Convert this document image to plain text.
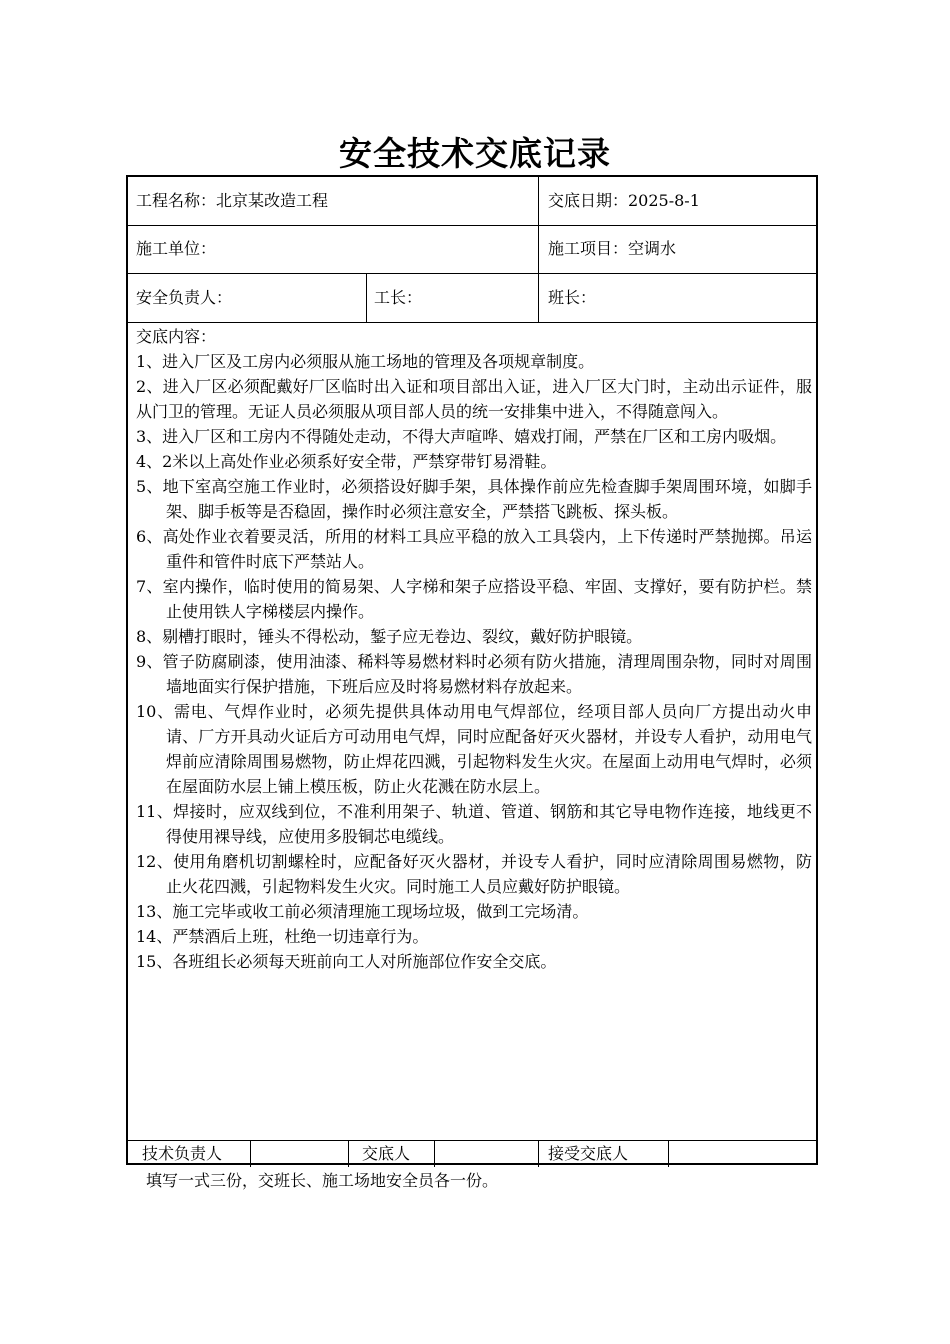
安全技术交底记录
工程名称：北京某改造工程	交底日期：2025-8-1
施工单位：	施工项目：空调水
安全负责人：	工长：	班长：

交底内容：

1、进入厂区及工房内必须服从施工场地的管理及各项规章制度。

2、进入厂区必须配戴好厂区临时出入证和项目部出入证，进入厂区大门时，主动出示证件，服从门卫的管理。无证人员必须服从项目部人员的统一安排集中进入，不得随意闯入。

3、进入厂区和工房内不得随处走动，不得大声喧哗、嬉戏打闹，严禁在厂区和工房内吸烟。

4、2米以上高处作业必须系好安全带，严禁穿带钉易滑鞋。

5、地下室高空施工作业时，必须搭设好脚手架，具体操作前应先检查脚手架周围环境，如脚手架、脚手板等是否稳固，操作时必须注意安全，严禁搭飞跳板、探头板。

6、高处作业衣着要灵活，所用的材料工具应平稳的放入工具袋内，上下传递时严禁抛掷。吊运重件和管件时底下严禁站人。

7、室内操作，临时使用的简易架、人字梯和架子应搭设平稳、牢固、支撑好，要有防护栏。禁止使用铁人字梯楼层内操作。

8、剔槽打眼时，锤头不得松动，錾子应无卷边、裂纹，戴好防护眼镜。

9、管子防腐刷漆，使用油漆、稀料等易燃材料时必须有防火措施，清理周围杂物，同时对周围墙地面实行保护措施，下班后应及时将易燃材料存放起来。

10、需电、气焊作业时，必须先提供具体动用电气焊部位，经项目部人员向厂方提出动火申请、厂方开具动火证后方可动用电气焊，同时应配备好灭火器材，并设专人看护，动用电气焊前应清除周围易燃物，防止焊花四溅，引起物料发生火灾。在屋面上动用电气焊时，必须在屋面防水层上铺上模压板，防止火花溅在防水层上。

11、焊接时，应双线到位，不准利用架子、轨道、管道、钢筋和其它导电物作连接，地线更不得使用裸导线，应使用多股铜芯电缆线。

12、使用角磨机切割螺栓时，应配备好灭火器材，并设专人看护，同时应清除周围易燃物，防止火花四溅，引起物料发生火灾。同时施工人员应戴好防护眼镜。

13、施工完毕或收工前必须清理施工现场垃圾，做到工完场清。

14、严禁酒后上班，杜绝一切违章行为。

15、各班组长必须每天班前向工人对所施部位作安全交底。

技术负责人	交底人	接受交底人
填写一式三份，交班长、施工场地安全员各一份。
